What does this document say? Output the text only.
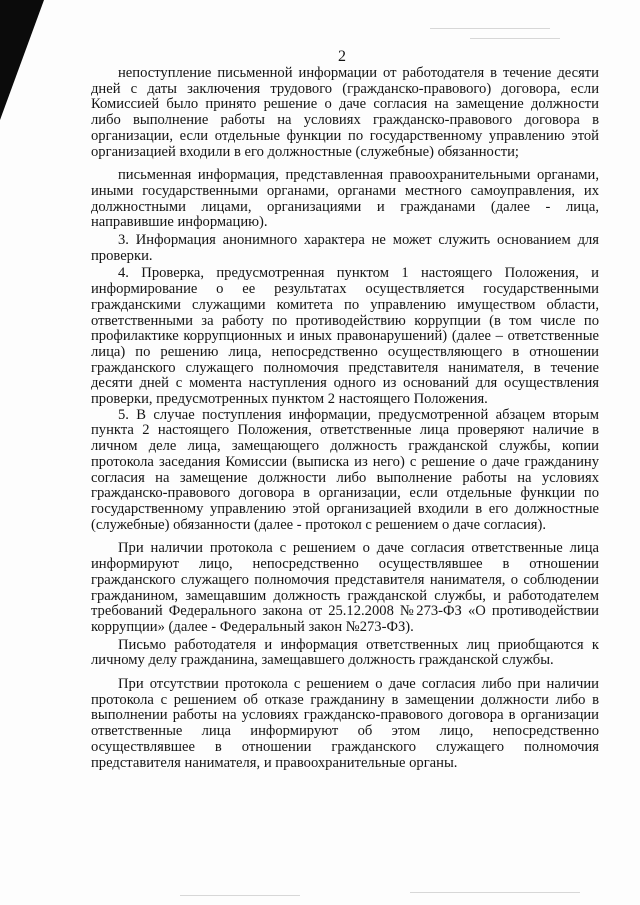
2

непоступление письменной информации от работодателя в течение десяти дней с даты заключения трудового (гражданско-правового) договора, если Комиссией было принято решение о даче согласия на замещение должности либо выполнение работы на условиях гражданско-правового договора в организации, если отдельные функции по государственному управлению этой организацией входили в его должностные (служебные) обязанности;

письменная информация, представленная правоохранительными органами, иными государственными органами, органами местного самоуправления, их должностными лицами, организациями и гражданами (далее - лица, направившие информацию).

3. Информация анонимного характера не может служить основанием для проверки.

4. Проверка, предусмотренная пунктом 1 настоящего Положения, и информирование о ее результатах осуществляется государственными гражданскими служащими комитета по управлению имуществом области, ответственными за работу по противодействию коррупции (в том числе по профилактике коррупционных и иных правонарушений) (далее – ответственные лица) по решению лица, непосредственно осуществляющего в отношении гражданского служащего полномочия представителя нанимателя, в течение десяти дней с момента наступления одного из оснований для осуществления проверки, предусмотренных пунктом 2 настоящего Положения.

5. В случае поступления информации, предусмотренной абзацем вторым пункта 2 настоящего Положения, ответственные лица проверяют наличие в личном деле лица, замещающего должность гражданской службы, копии протокола заседания Комиссии (выписка из него) с решение о даче гражданину согласия на замещение должности либо выполнение работы на условиях гражданско-правового договора в организации, если отдельные функции по государственному управлению этой организацией входили в его должностные (служебные) обязанности (далее - протокол с решением о даче согласия).

При наличии протокола с решением о даче согласия ответственные лица информируют лицо, непосредственно осуществлявшее в отношении гражданского служащего полномочия представителя нанимателя, о соблюдении гражданином, замещавшим должность гражданской службы, и работодателем требований Федерального закона от 25.12.2008 №273-ФЗ «О противодействии коррупции» (далее - Федеральный закон №273-ФЗ).

Письмо работодателя и информация ответственных лиц приобщаются к личному делу гражданина, замещавшего должность гражданской службы.

При отсутствии протокола с решением о даче согласия либо при наличии протокола с решением об отказе гражданину в замещении должности либо в выполнении работы на условиях гражданско-правового договора в организации ответственные лица информируют об этом лицо, непосредственно осуществлявшее в отношении гражданского служащего полномочия представителя нанимателя, и правоохранительные органы.
